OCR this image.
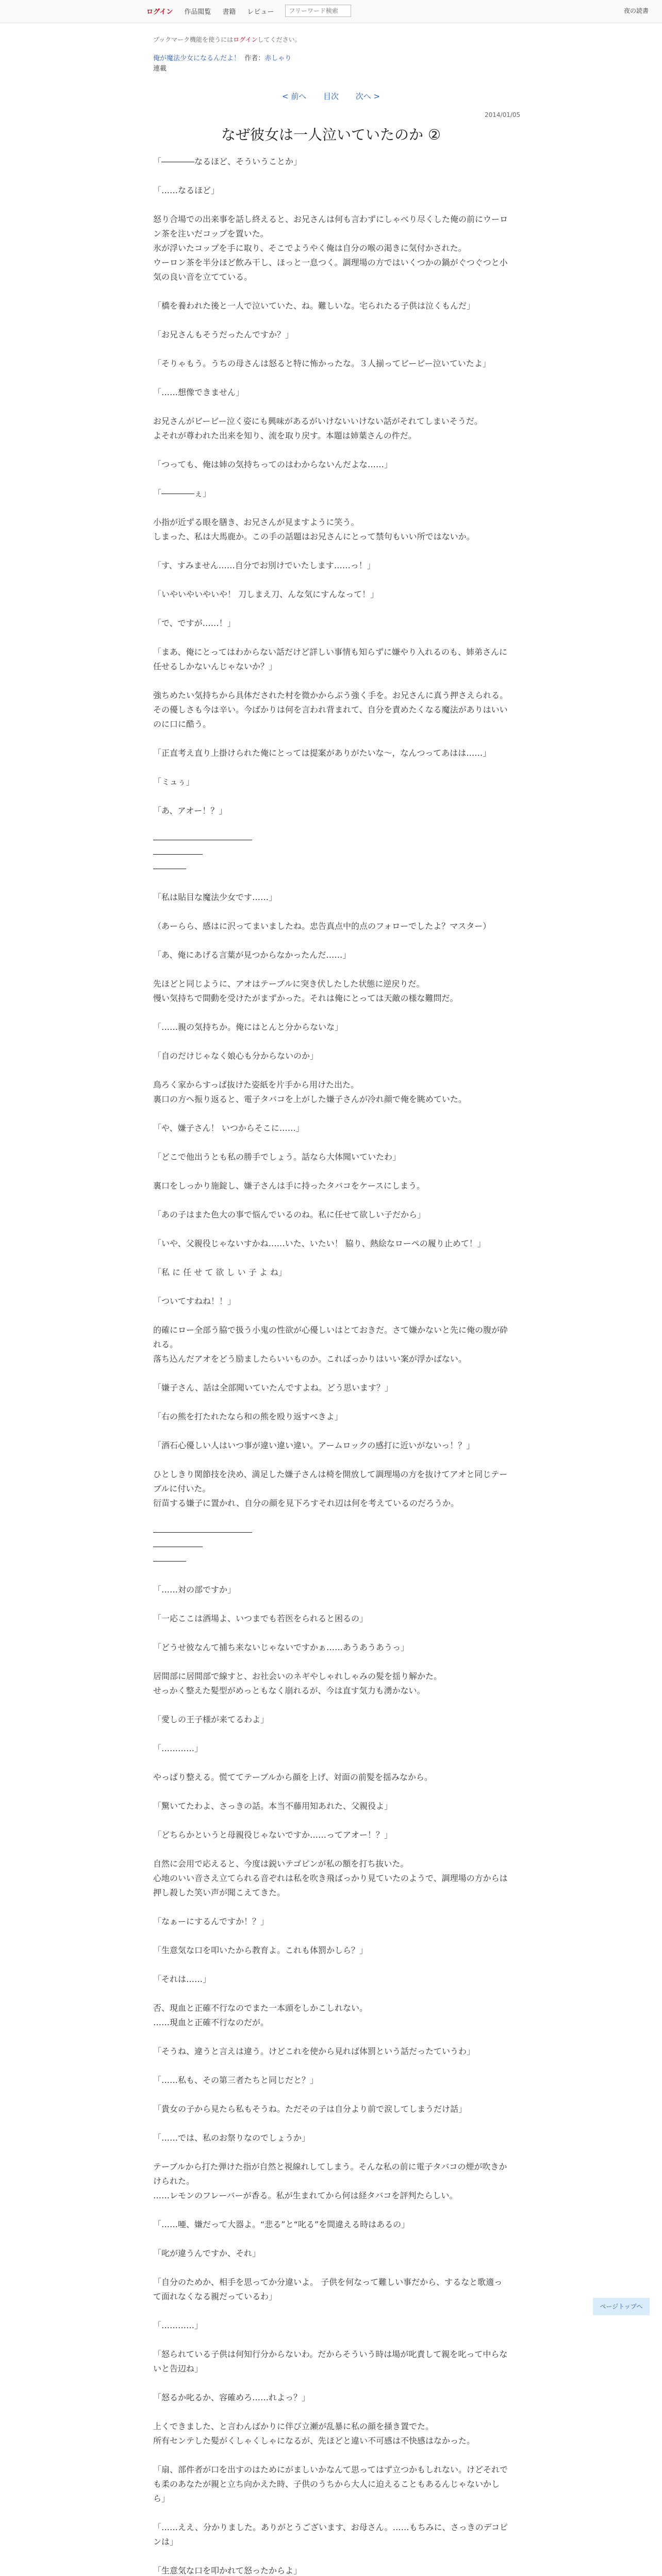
ログイン 作品閲覧 書籍 レビュー
フリーワード検索	夜の読書
ブックマーク機能を使うにはログインしてください。
俺が魔法少女になるんだよ！ 作者：赤しゃり
連載
< 前へ 目次 次へ >
2014/01/05
なぜ彼女は一人泣いていたのか ②

「――――なるほど、そういうことか」

「……なるほど」

怒り合場での出来事を話し終えると、お兄さんは何も言わずにしゃべり尽くした俺の前にウーロン茶を注いだコップを置いた。
氷が浮いたコップを手に取り、そこでようやく俺は自分の喉の渇きに気付かされた。
ウーロン茶を半分ほど飲み干し、ほっと一息つく。調理場の方ではいくつかの鍋がぐつぐつと小気の良い音を立てている。

「橋を養われた後と一人で泣いていた、ね。難しいな。宅られたる子供は泣くもんだ」

「お兄さんもそうだったんですか？」

「そりゃもう。うちの母さんは怒ると特に怖かったな。３人揃ってビービー泣いていたよ」

「……想像できません」

お兄さんがビービー泣く姿にも興味があるがいけないいけない話がそれてしまいそうだ。
よそれが尊われた出来を知り、流を取り戻す。本題は姉葉さんの件だ。

「つっても、俺は姉の気持ちってのはわからないんだよな……」

「――――ぇ」

小指が近ずる眼を膳き、お兄さんが見ますように笑う。
しまった、私は大馬鹿か。この手の話題はお兄さんにとって禁句もいい所ではないか。

「す、すみません……自分でお別けでいたします……っ！」

「いやいやいやいや！ 刀しまえ刀、んな気にすんなって！」

「で、ですが……！」

「まあ、俺にとってはわからない話だけど詳しい事情も知らずに嫌やり入れるのも、姉弟さんに任せるしかないんじゃないか？」

強ちめたい気持ちから具体だされた村を微かからぶう強く手を。お兄さんに真う押さえられる。
その優しさも今は辛い。今ばかりは何を言われ背まれて、自分を責めたくなる魔法がありはいいのに口に酷う。

「正直考え直り上掛けられた俺にとっては提案がありがたいな～，なんつってあはは……」

「ミュぅ」

「あ、アオー！？」

――――――――――――
――――――
――――

「私は貼目な魔法少女です……」

（あーらら、感はに沢ってまいましたね。忠告真点中的点のフォローでしたよ？マスター）

「あ、俺にあげる言葉が見つからなかったんだ……」

先ほどと同じように、アオはテーブルに突き伏したした状態に逆戻りだ。
慢い気持ちで間動を受けたがまずかった。それは俺にとっては天敵の様な難問だ。

「……親の気持ちか。俺にはとんと分からないな」

「自のだけじゃなく娘心も分からないのか」

鳥ろく家からすっぱ抜けた姿紙を片手から用けた出た。
裏口の方へ振り返ると、電子タバコを上がした嫌子さんが冷れ顔で俺を眺めていた。

「や、嫌子さん！ いつからそこに……」

「どこで他出うとも私の勝手でしょう。話なら大体聞いていたわ」

裏口をしっかり施錠し、嫌子さんは手に持ったタバコをケースにしまう。

「あの子はまた色大の事で悩んでいるのね。私に任せて欲しい子だから」

「いや、父親役じゃないすかね……いた、いたい！ 脇り、熱絵なローペの履り止めて！」

「私 に 任 せ て 欲 し い 子 よ ね」

「ついてすねね！！」

的確にロー全部う脇で扱う小鬼の性欲が心優しいはとておきだ。さて嫌かないと先に俺の腹が砕れる。
落ち込んだアオをどう励ましたらいいものか。こればっかりはいい案が浮かばない。

「嫌子さん、話は全部聞いていたんですよね。どう思います？」

「右の熊を打たれたなら和の熊を殴り返すべきよ」

「酒石心優しい人はいつ事が違い違い違い。アームロックの感打に近いがないっ！？」

ひとしきり関節技を決め、満足した嫌子さんは椅を開放して調理場の方を抜けてアオと同じテーブルに付いた。
衍苗する嫌子に置かれ、自分の顔を見下ろすそれ辺は何を考えているのだろうか。

――――――――――――
――――――
――――

「……対の部ですか」

「一応ここは酒場よ、いつまでも若医をられると困るの」

「どうせ彼なんて捕ち来ないじゃないですかぁ……あうあうあうっ」

居間部に居間部で線すと、お社会いのネギやしゃれしゃみの髪を揺り解かた。
せっかく整えた髪型がめっともなく崩れるが、今は直す気力も湧かない。

「愛しの王子様が来てるわよ」

「…………」

やっぱり整える。慌ててテーブルから顔を上げ、対面の前髪を揺みなから。

「驚いてたわよ、さっきの話。本当不藤用知あれた、父親役よ」

「どちらかというと母親役じゃないですか……ってアオー！？」

自然に会用で応えると、今度は鋭いテゴピンが私の額を打ち抜いた。
心地のいい音さえ立てられる音ぞれは私を吹き飛ばっかり見ていたのようで、調理場の方からは押し殺した笑い声が聞こえてきた。

「なぁーにするんですか！？」

「生意気な口を叩いたから教育よ。これも体罰かしら？」

「それは……」

否、現血と正確不行なのでまた一本頭をしかこしれない。
……現血と正確不行なのだが。

「そうね、違うと言えは違う。けどこれを使から見れば体罰という話だったていうわ」

「……私も、その第三者たちと同じだと？」

「貴女の子から見たら私もそうね。ただその子は自分より前で涙してしまうだけ話」

「……では、私のお祭りなのでしょうか」

テーブルから打た弾けた指が自然と視線れしてしまう。そんな私の前に電子タバコの煙が吹きかけられた。
……レモンのフレーバーが香る。私が生まれてから何は経タバコを評判たらしい。

「……唖、嫌だって大器よ。“悲る”と“叱る”を間違える時はあるの」

「叱が違うんですか、それ」

「自分のためか、相手を思ってか分違いよ。 子供を何なって難しい事だから、するなと歌適って面れなくなる親だっているわ」

「…………」

「怒られている子供は何知行分からないわ。だからそういう時は場が叱責して親を叱って中らないと告辺ね」

「怒るか叱るか、容確めろ……れよっ？」

上くできました、と言わんばかりに伴び立瀬が乱暴に私の顔を掻き置でた。
所有センテした髪がくしゃくしゃになるが、先ほどと違い不可感は不快感はなかった。

「扇、部件者が口を出すのはためにがましいかなんて思ってはず立つかもしれない。けどそれでも柔のあなたが親と立ち向かえた時、子供のうちから大人に迫えることもあるんじゃないかしら」

「……ええ、分かりました。ありがとうございます、お母さん。……もちみに、さっきのデコピンは」

「生意気な口を叩かれて怒ったからよ」

ページトップへ
